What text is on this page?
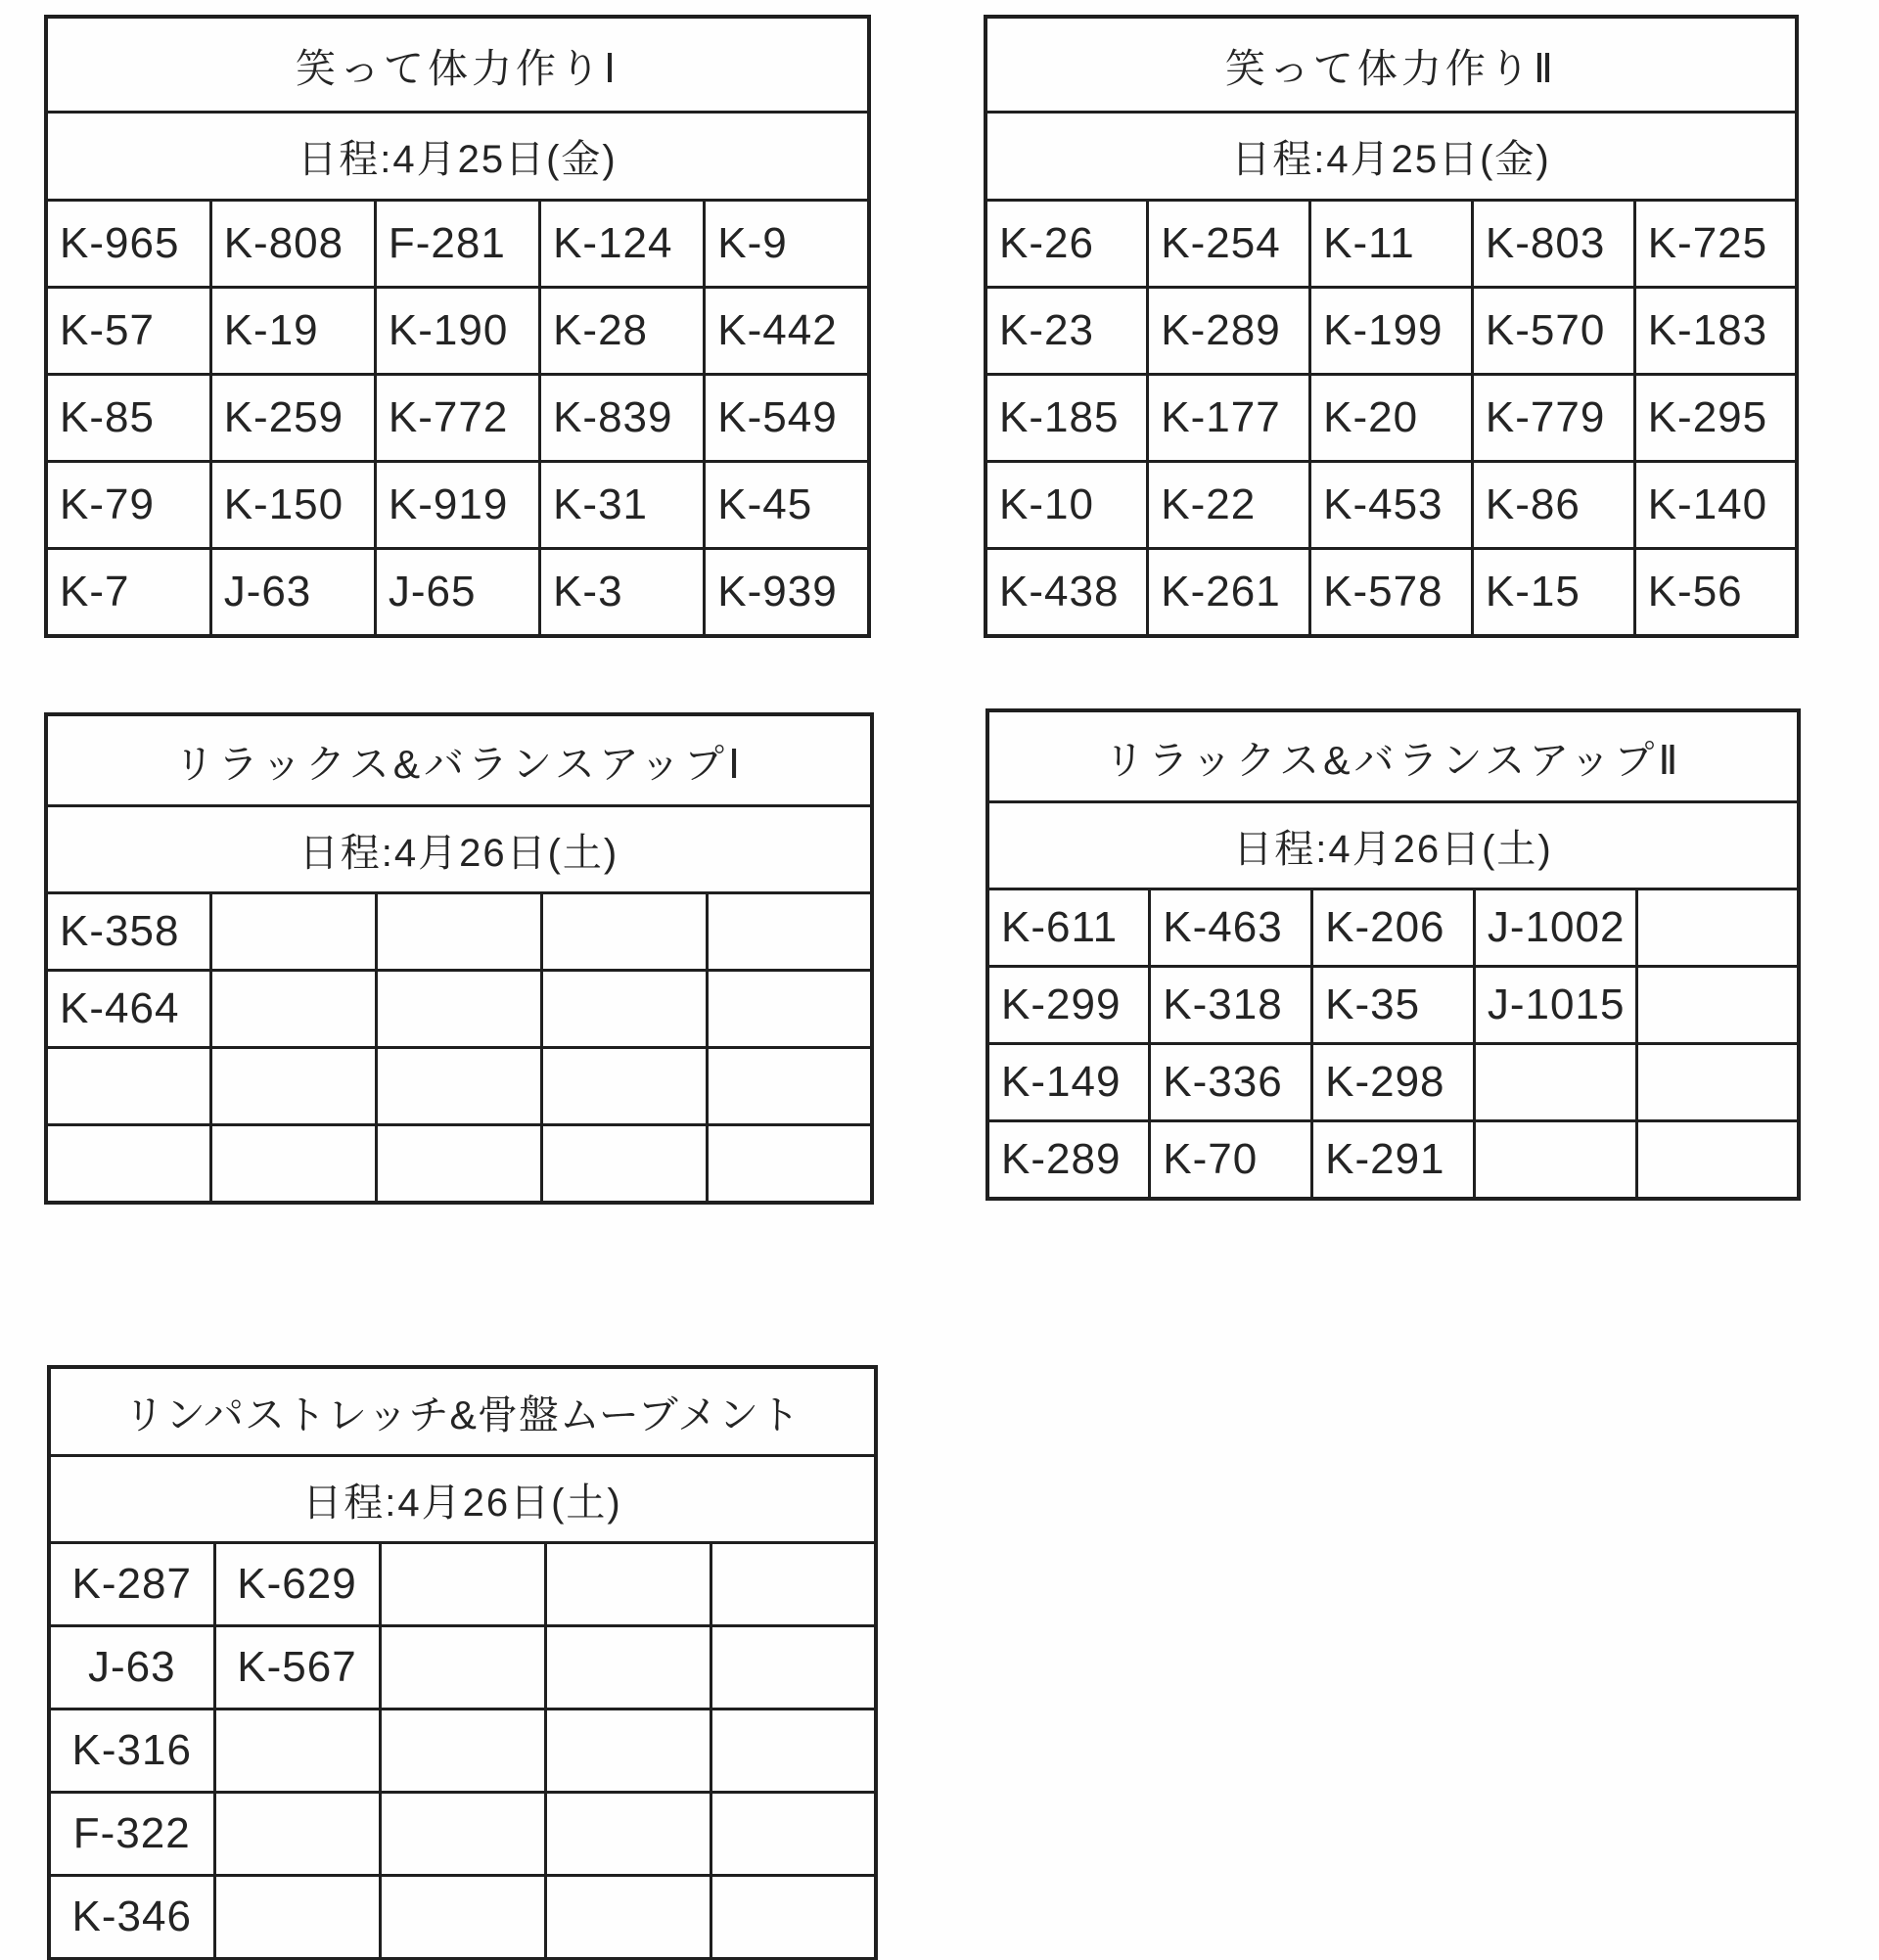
笑って体力作りⅠ				
日程:4月25日(金)				
K-965	K-808	F-281	K-124	K-9
K-57	K-19	K-190	K-28	K-442
K-85	K-259	K-772	K-839	K-549
K-79	K-150	K-919	K-31	K-45
K-7	J-63	J-65	K-3	K-939
笑って体力作りⅡ				
日程:4月25日(金)				
K-26	K-254	K-11	K-803	K-725
K-23	K-289	K-199	K-570	K-183
K-185	K-177	K-20	K-779	K-295
K-10	K-22	K-453	K-86	K-140
K-438	K-261	K-578	K-15	K-56
リラックス&バランスアップⅠ				
日程:4月26日(土)				
K-358				
K-464				

リラックス&バランスアップⅡ				
日程:4月26日(土)				
K-611	K-463	K-206	J-1002	
K-299	K-318	K-35	J-1015	
K-149	K-336	K-298		
K-289	K-70	K-291		
リンパストレッチ&骨盤ムーブメント				
日程:4月26日(土)				
K-287	K-629			
J-63	K-567			
K-316				
F-322				
K-346				
